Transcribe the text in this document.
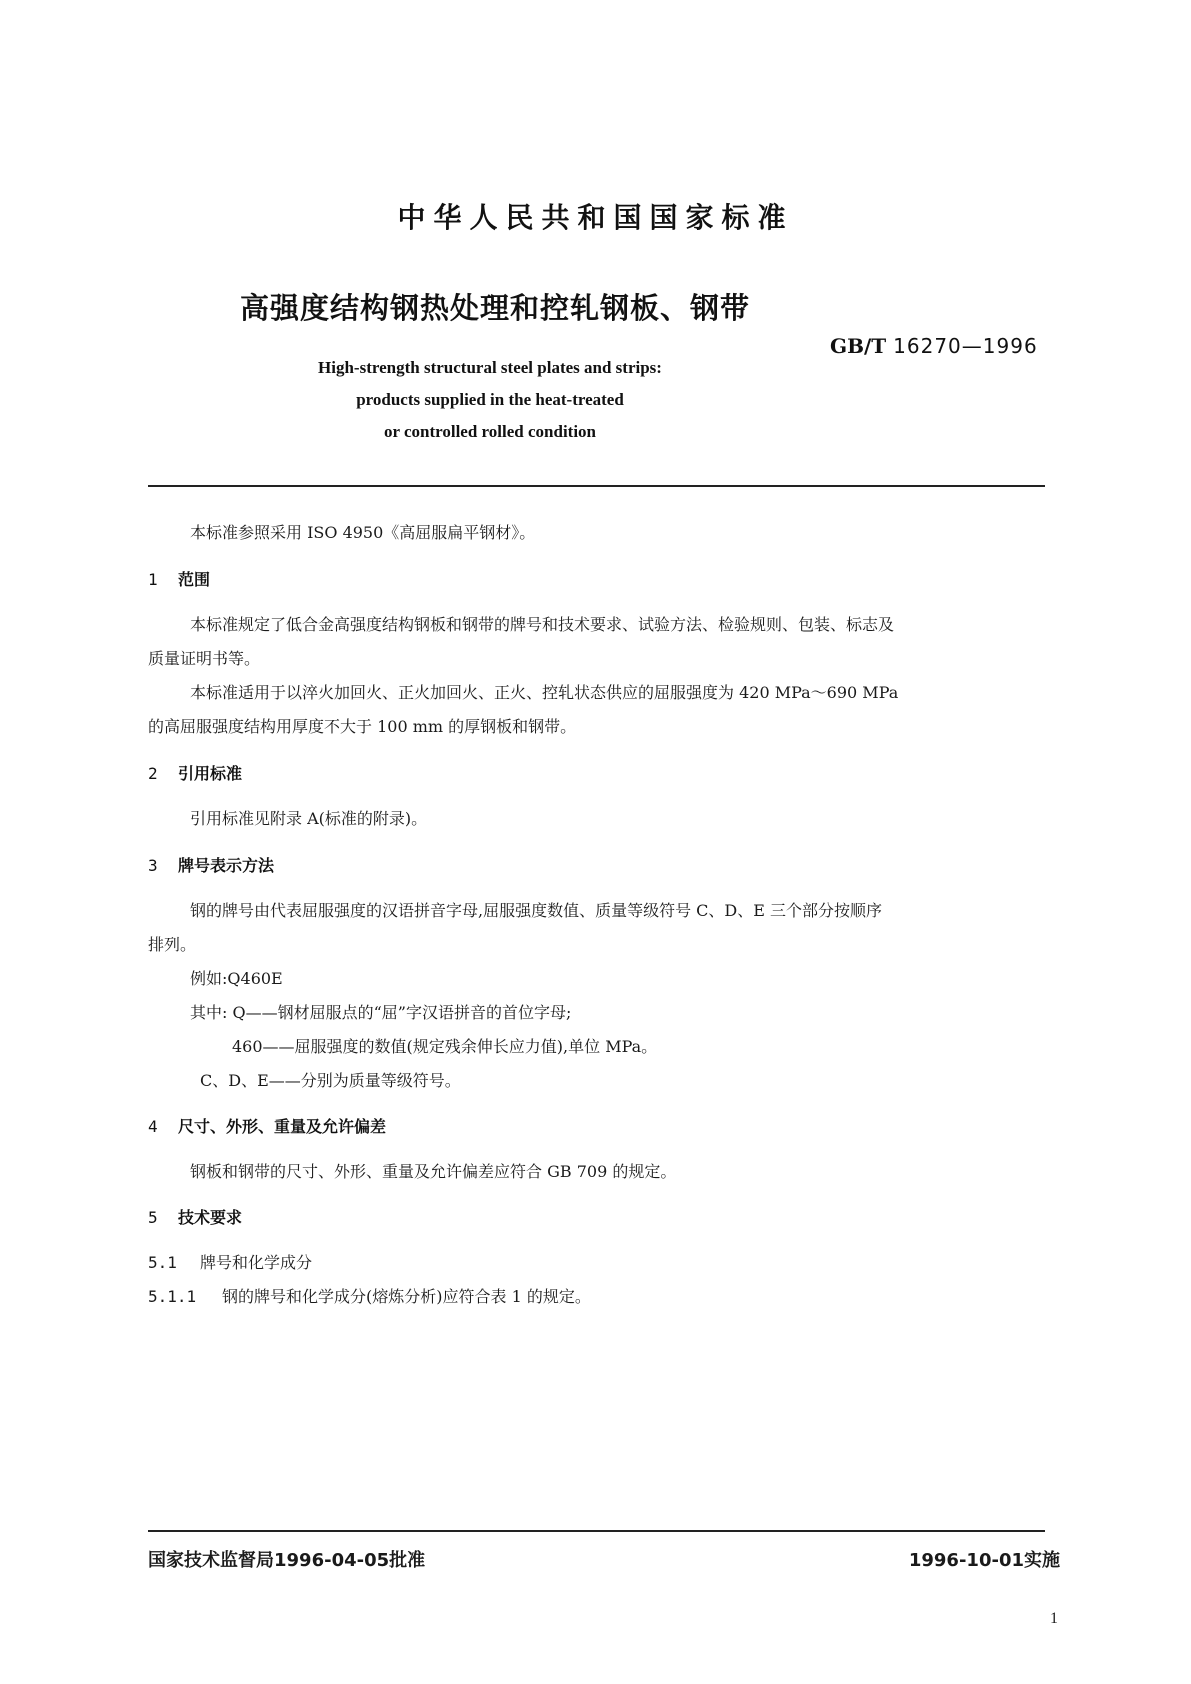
中华人民共和国国家标准
高强度结构钢热处理和控轧钢板、钢带
GB/T 16270—1996
High-strength structural steel plates and strips:
products supplied in the heat-treated
or controlled rolled condition
本标准参照采用 ISO 4950《高屈服扁平钢材》。
1 范围
本标准规定了低合金高强度结构钢板和钢带的牌号和技术要求、试验方法、检验规则、包装、标志及
质量证明书等。
本标准适用于以淬火加回火、正火加回火、正火、控轧状态供应的屈服强度为 420 MPa～690 MPa
的高屈服强度结构用厚度不大于 100 mm 的厚钢板和钢带。
2 引用标准
引用标准见附录 A(标准的附录)。
3 牌号表示方法
钢的牌号由代表屈服强度的汉语拼音字母,屈服强度数值、质量等级符号 C、D、E 三个部分按顺序
排列。
例如:Q460E
其中: Q——钢材屈服点的“屈”字汉语拼音的首位字母;
460——屈服强度的数值(规定残余伸长应力值),单位 MPa。
C、D、E——分别为质量等级符号。
4 尺寸、外形、重量及允许偏差
钢板和钢带的尺寸、外形、重量及允许偏差应符合 GB 709 的规定。
5 技术要求
5.1 牌号和化学成分
5.1.1 钢的牌号和化学成分(熔炼分析)应符合表 1 的规定。
国家技术监督局1996-04-05批准	1996-10-01实施
1
